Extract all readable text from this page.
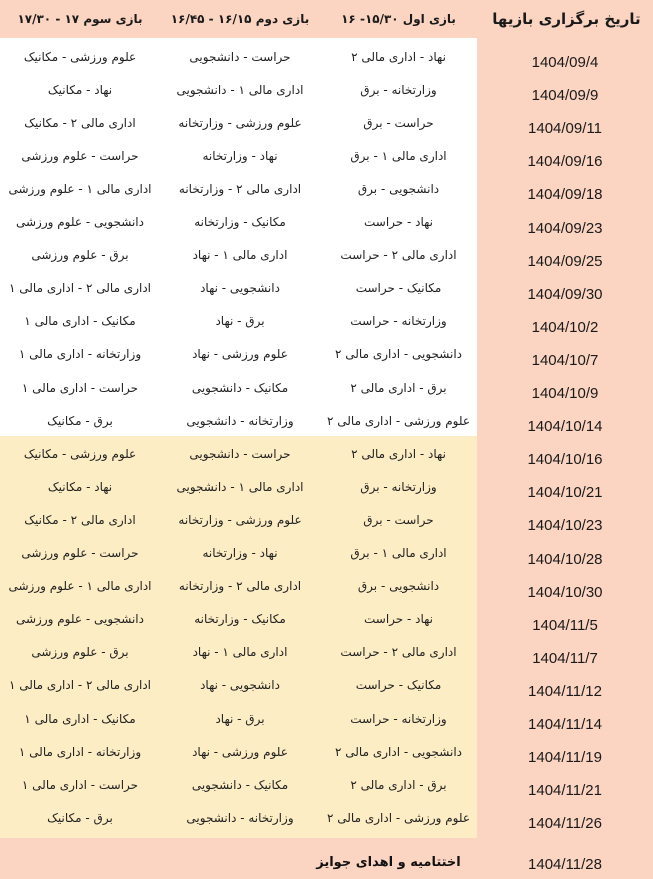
تاریخ برگزاری بازیها
بازی اول ۱۵/۳۰- ۱۶
بازی دوم ۱۶/۱۵ - ۱۶/۴۵
بازی سوم ۱۷ - ۱۷/۳۰
1404/09/4
نهاد - اداری مالی ۲
حراست - دانشجویی
علوم ورزشی - مکانیک
1404/09/9
وزارتخانه - برق
اداری مالی ۱ - دانشجویی
نهاد - مکانیک
1404/09/11
حراست - برق
علوم ورزشی - وزارتخانه
اداری مالی ۲ - مکانیک
1404/09/16
اداری مالی ۱ - برق
نهاد - وزارتخانه
حراست - علوم ورزشی
1404/09/18
دانشجویی - برق
اداری مالی ۲ - وزارتخانه
اداری مالی ۱ - علوم ورزشی
1404/09/23
نهاد - حراست
مکانیک - وزارتخانه
دانشجویی - علوم ورزشی
1404/09/25
اداری مالی ۲ - حراست
اداری مالی ۱ - نهاد
برق - علوم ورزشی
1404/09/30
مکانیک - حراست
دانشجویی - نهاد
اداری مالی ۲ - اداری مالی ۱
1404/10/2
وزارتخانه - حراست
برق - نهاد
مکانیک - اداری مالی ۱
1404/10/7
دانشجویی - اداری مالی ۲
علوم ورزشی - نهاد
وزارتخانه - اداری مالی ۱
1404/10/9
برق - اداری مالی ۲
مکانیک - دانشجویی
حراست - اداری مالی ۱
1404/10/14
علوم ورزشی - اداری مالی ۲
وزارتخانه - دانشجویی
برق - مکانیک
1404/10/16
نهاد - اداری مالی ۲
حراست - دانشجویی
علوم ورزشی - مکانیک
1404/10/21
وزارتخانه - برق
اداری مالی ۱ - دانشجویی
نهاد - مکانیک
1404/10/23
حراست - برق
علوم ورزشی - وزارتخانه
اداری مالی ۲ - مکانیک
1404/10/28
اداری مالی ۱ - برق
نهاد - وزارتخانه
حراست - علوم ورزشی
1404/10/30
دانشجویی - برق
اداری مالی ۲ - وزارتخانه
اداری مالی ۱ - علوم ورزشی
1404/11/5
نهاد - حراست
مکانیک - وزارتخانه
دانشجویی - علوم ورزشی
1404/11/7
اداری مالی ۲ - حراست
اداری مالی ۱ - نهاد
برق - علوم ورزشی
1404/11/12
مکانیک - حراست
دانشجویی - نهاد
اداری مالی ۲ - اداری مالی ۱
1404/11/14
وزارتخانه - حراست
برق - نهاد
مکانیک - اداری مالی ۱
1404/11/19
دانشجویی - اداری مالی ۲
علوم ورزشی - نهاد
وزارتخانه - اداری مالی ۱
1404/11/21
برق - اداری مالی ۲
مکانیک - دانشجویی
حراست - اداری مالی ۱
1404/11/26
علوم ورزشی - اداری مالی ۲
وزارتخانه - دانشجویی
برق - مکانیک
اختتامیه و اهدای جوایز	1404/11/28
